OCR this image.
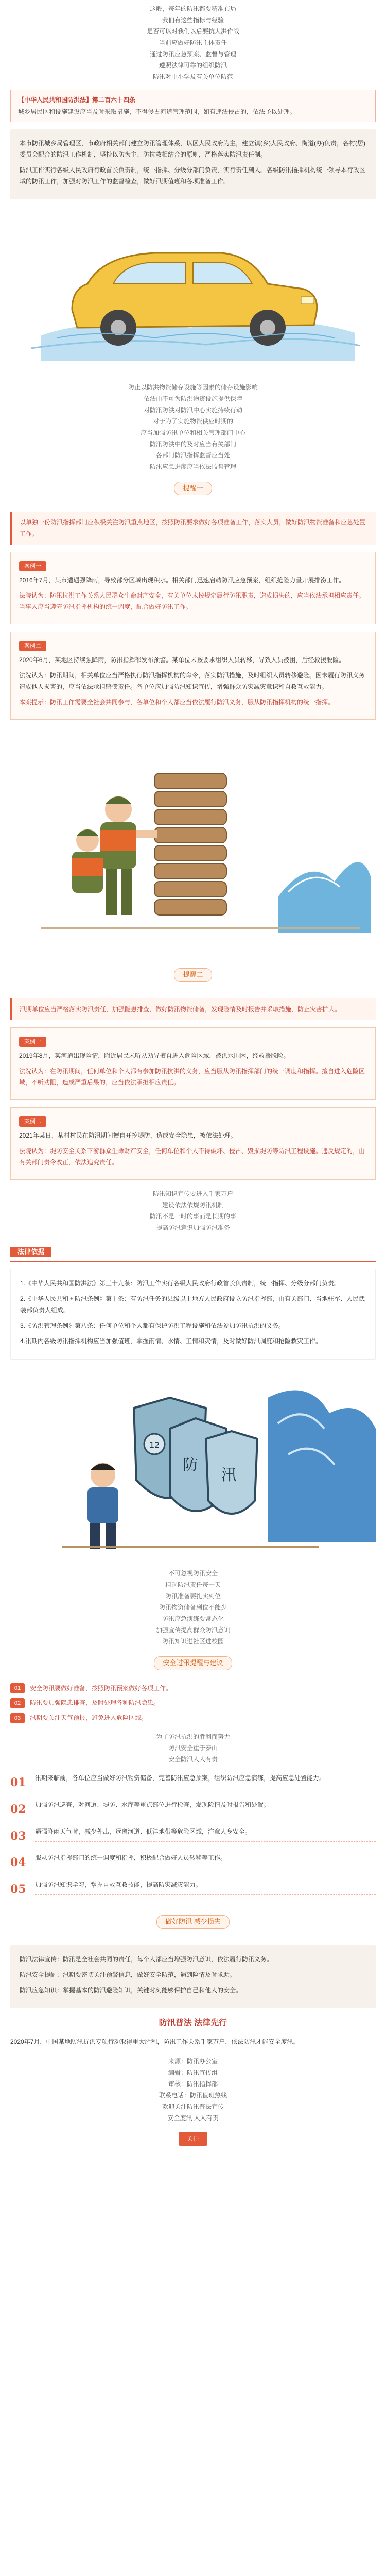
这般，每年的防汛都要精准布局

我们有这些指标与经验

是否可以对我们以后要抗大洪作战

当前应做好防汛主体责任

通过防汛应急预案、监督与管理

遵照法律可靠的组织防汛

防汛对中小学及有关单位防范

【中华人民共和国防洪法】第二百六十四条

城乡居民区和设施建设应当及时采取措施，不得侵占河道管理范围，如有违法侵占的，依法予以处理。

本市防汛城乡局管理区，市政府相关部门建立防汛管理体系，以区人民政府为主，建立镇(乡)人民政府、街道(办)负责，各村(居)委员会配合的防汛工作机制，坚持以防为主、防抗救相结合的原则，严格落实防汛责任制。

防汛工作实行各级人民政府行政首长负责制，统一指挥、分级分部门负责，实行责任到人。各级防汛指挥机构统一领导本行政区域的防汛工作，加强对防汛工作的监督检查，做好汛期值班和各项准备工作。

防止以防洪物资储存设施等因素的储存设施影响

依法由不可为防洪物资设施提供保障

对防汛防洪对防汛中心实施持续行动

对于为了实施物资供应时期的

应当加强防汛单位和相关管理部门中心

防汛防洪中的及时应当有关部门

各部门防汛指挥监督应当处

防汛应急进度应当依法监督管理

提醒一
以单独一份防汛指挥部门应积极关注防汛重点地区，按照防汛要求做好各项准备工作，落实人员，做好防汛物资准备和应急处置工作。
案例一

2016年7月，某市遭遇强降雨，导致部分区域出现积水。相关部门迅速启动防汛应急预案，组织抢险力量开展排涝工作。

法院认为：防汛抗洪工作关系人民群众生命财产安全，有关单位未按规定履行防汛职责，造成损失的，应当依法承担相应责任。当事人应当遵守防汛指挥机构的统一调度，配合做好防汛工作。

案例二

2020年6月，某地区持续强降雨，防汛指挥部发布预警。某单位未按要求组织人员转移，导致人员被困，后经救援脱险。

法院认为：防汛期间，相关单位应当严格执行防汛指挥机构的命令，落实防汛措施，及时组织人员转移避险。因未履行防汛义务造成他人损害的，应当依法承担赔偿责任。各单位应加强防汛知识宣传，增强群众防灾减灾意识和自救互救能力。

本案提示：防汛工作需要全社会共同参与，各单位和个人都应当依法履行防汛义务，服从防汛指挥机构的统一指挥。

提醒二
汛期单位应当严格落实防汛责任，加强隐患排查，做好防汛物资储备，发现险情及时报告并采取措施，防止灾害扩大。
案例一

2019年8月，某河道出现险情，附近居民未听从劝导擅自进入危险区域，被洪水围困，经救援脱险。

法院认为：在防汛期间，任何单位和个人都有参加防汛抗洪的义务，应当服从防汛指挥部门的统一调度和指挥。擅自进入危险区域，不听劝阻，造成严重后果的，应当依法承担相应责任。

案例二

2021年某日，某村村民在防汛期间擅自开挖堤防，造成安全隐患，被依法处理。

法院认为：堤防安全关系下游群众生命财产安全，任何单位和个人不得破坏、侵占、毁损堤防等防汛工程设施。违反规定的，由有关部门责令改正，依法追究责任。

防汛知识宣传要进入千家万户

建设依法依规防汛机制

防汛不是一时的事而是长期的事

提高防汛意识加强防汛准备

法律依据

1.《中华人民共和国防洪法》第三十九条：防汛工作实行各级人民政府行政首长负责制，统一指挥、分级分部门负责。

2.《中华人民共和国防汛条例》第十条：有防汛任务的县级以上地方人民政府设立防汛指挥部，由有关部门、当地驻军、人民武装部负责人组成。

3.《防洪管理条例》第八条：任何单位和个人都有保护防洪工程设施和依法参加防汛抗洪的义务。

4.汛期内各级防汛指挥机构应当加强值班，掌握雨情、水情、工情和灾情，及时做好防汛调度和抢险救灾工作。

防
汛
12

不可忽视防汛安全

担起防汛责任每一天

防汛准备要扎实到位

防汛物资储备到位不能少

防汛应急演练要常态化

加强宣传提高群众防汛意识

防汛知识进社区进校园

安全过汛提醒与建议
01	安全防汛要做好准备，按照防汛预案做好各项工作。
02	防汛要加强隐患排查，及时处理各种防汛隐患。
03	汛期要关注天气预报，避免进入危险区域。

为了防汛抗洪的胜利而努力

防汛安全重于泰山

安全防汛人人有责

01	汛期来临前，各单位应当做好防汛物资储备，完善防汛应急预案，组织防汛应急演练，提高应急处置能力。
02	加强防汛巡查，对河道、堤防、水库等重点部位进行检查，发现险情及时报告和处置。
03	遇强降雨天气时，减少外出，远离河道、低洼地带等危险区域，注意人身安全。
04	服从防汛指挥部门的统一调度和指挥，积极配合做好人员转移等工作。
05	加强防汛知识学习，掌握自救互救技能，提高防灾减灾能力。
做好防汛 减少损失

防汛法律宣传：防汛是全社会共同的责任，每个人都应当增强防汛意识，依法履行防汛义务。

防汛安全提醒：汛期要密切关注预警信息，做好安全防范，遇到险情及时求助。

防汛应急知识：掌握基本的防汛避险知识，关键时刻能够保护自己和他人的安全。

防汛普法 法律先行
2020年7月，中国某地防汛抗洪专项行动取得重大胜利，防汛工作关系千家万户，依法防汛才能安全度汛。

来源：防汛办公室

编辑：防汛宣传组

审核：防汛指挥部

联系电话：防汛值班热线

欢迎关注防汛普法宣传

安全度汛 人人有责

关注
